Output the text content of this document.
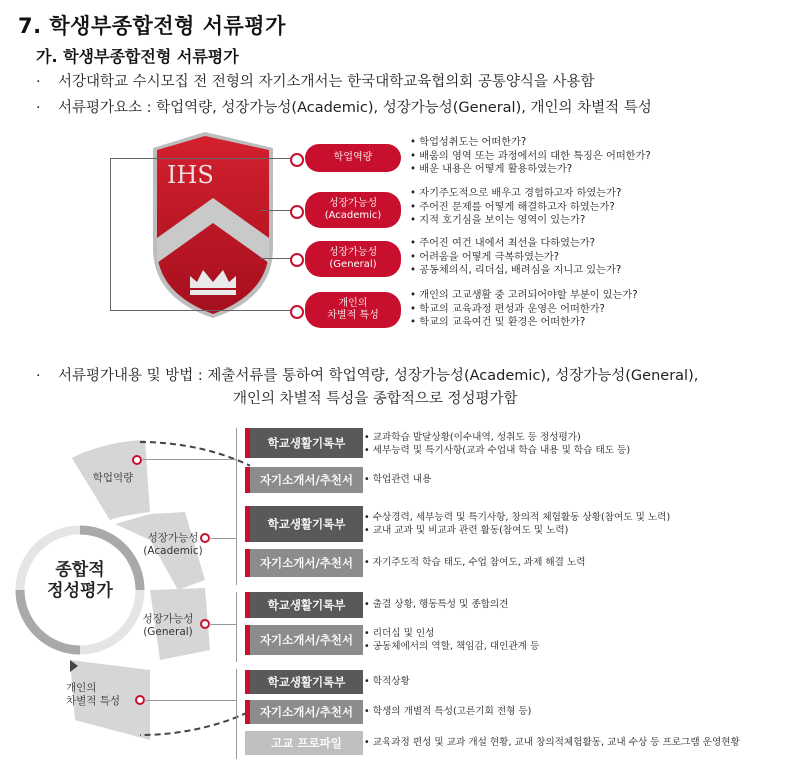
7. 학생부종합전형 서류평가
가. 학생부종합전형 서류평가
· 서강대학교 수시모집 전 전형의 자기소개서는 한국대학교육협의회 공통양식을 사용함
· 서류평가요소 : 학업역량, 성장가능성(Academic), 성장가능성(General), 개인의 차별적 특성
IHS
학업역량
성장가능성
(Academic)
성장가능성
(General)
개인의
차별적 특성
• 학업성취도는 어떠한가?
• 배움의 영역 또는 과정에서의 대한 특징은 어떠한가?
• 배운 내용은 어떻게 활용하였는가?
• 자기주도적으로 배우고 경험하고자 하였는가?
• 주어진 문제를 어떻게 해결하고자 하였는가?
• 지적 호기심을 보이는 영역이 있는가?
• 주어진 여건 내에서 최선을 다하였는가?
• 어려움을 어떻게 극복하였는가?
• 공동체의식, 리더십, 배려심을 지니고 있는가?
• 개인의 고교생활 중 고려되어야할 부분이 있는가?
• 학교의 교육과정 편성과 운영은 어떠한가?
• 학교의 교육여건 및 환경은 어떠한가?
· 서류평가내용 및 방법 : 제출서류를 통하여 학업역량, 성장가능성(Academic), 성장가능성(General),
개인의 차별적 특성을 종합적으로 정성평가함
학업역량
성장가능성
(Academic)
성장가능성
(General)
개인의
차별적 특성
종합적
정성평가
학교생활기록부
자기소개서/추천서
학교생활기록부
자기소개서/추천서
학교생활기록부
자기소개서/추천서
학교생활기록부
자기소개서/추천서
고교 프로파일
• 교과학습 발달상황(이수내역, 성취도 등 정성평가)
• 세부능력 및 특기사항(교과 수업내 학습 내용 및 학습 태도 등)
• 학업관련 내용
• 수상경력, 세부능력 및 특기사항, 창의적 체험활동 상황(참여도 및 노력)
• 교내 교과 및 비교과 관련 활동(참여도 및 노력)
• 자기주도적 학습 태도, 수업 참여도, 과제 해결 노력
• 출결 상황, 행동특성 및 종합의견
• 리더십 및 인성
• 공동체에서의 역할, 책임감, 대인관계 등
• 학적상황
• 학생의 개별적 특성(고른기회 전형 등)
• 교육과정 편성 및 교과 개설 현황, 교내 창의적체험활동, 교내 수상 등 프로그램 운영현황
